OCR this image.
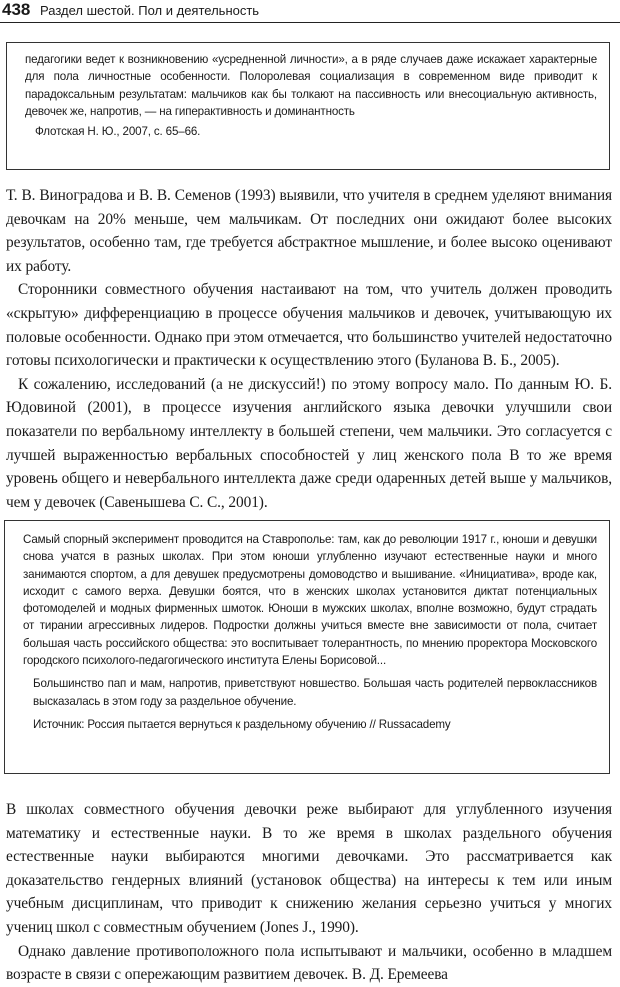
438 Раздел шестой. Пол и деятельность

педагогики ведет к возникновению «усредненной личности», а в ряде случаев даже искажает характерные для пола личностные особенности. Полоролевая социализация в современном виде приводит к парадоксальным результатам: мальчиков как бы толкают на пассивность или внесоциальную активность, девочек же, напротив, — на гиперактивность и доминантность

Флотская Н. Ю., 2007, с. 65–66.

Т. В. Виноградова и В. В. Семенов (1993) выявили, что учителя в среднем уделяют внимания девочкам на 20% меньше, чем мальчикам. От последних они ожидают более высоких результатов, особенно там, где требуется абстрактное мышление, и более высоко оценивают их работу.

Сторонники совместного обучения настаивают на том, что учитель должен проводить «скрытую» дифференциацию в процессе обучения мальчиков и девочек, учитывающую их половые особенности. Однако при этом отмечается, что большинство учителей недостаточно готовы психологически и практически к осуществлению этого (Буланова В. Б., 2005).

К сожалению, исследований (а не дискуссий!) по этому вопросу мало. По данным Ю. Б. Юдовиной (2001), в процессе изучения английского языка девочки улучшили свои показатели по вербальному интеллекту в большей степени, чем мальчики. Это согласуется с лучшей выраженностью вербальных способностей у лиц женского пола В то же время уровень общего и невербального интеллекта даже среди одаренных детей выше у мальчиков, чем у девочек (Савенышева С. С., 2001).

Самый спорный эксперимент проводится на Ставрополье: там, как до революции 1917 г., юноши и девушки снова учатся в разных школах. При этом юноши углубленно изучают естественные науки и много занимаются спортом, а для девушек предусмотрены домоводство и вышивание. «Инициатива», вроде как, исходит с самого верха. Девушки боятся, что в женских школах установится диктат потенциальных фотомоделей и модных фирменных шмоток. Юноши в мужских школах, вполне возможно, будут страдать от тирании агрессивных лидеров. Подростки должны учиться вместе вне зависимости от пола, считает большая часть российского общества: это воспитывает толерантность, по мнению проректора Московского городского психолого-педагогического института Елены Борисовой...

Большинство пап и мам, напротив, приветствуют новшество. Большая часть родителей первоклассников высказалась в этом году за раздельное обучение.

Источник: Россия пытается вернуться к раздельному обучению // Russacademy

В школах совместного обучения девочки реже выбирают для углубленного изучения математику и естественные науки. В то же время в школах раздельного обучения естественные науки выбираются многими девочками. Это рассматривается как доказательство гендерных влияний (установок общества) на интересы к тем или иным учебным дисциплинам, что приводит к снижению желания серьезно учиться у многих учениц школ с совместным обучением (Jones J., 1990).

Однако давление противоположного пола испытывают и мальчики, особенно в младшем возрасте в связи с опережающим развитием девочек. В. Д. Еремеева
